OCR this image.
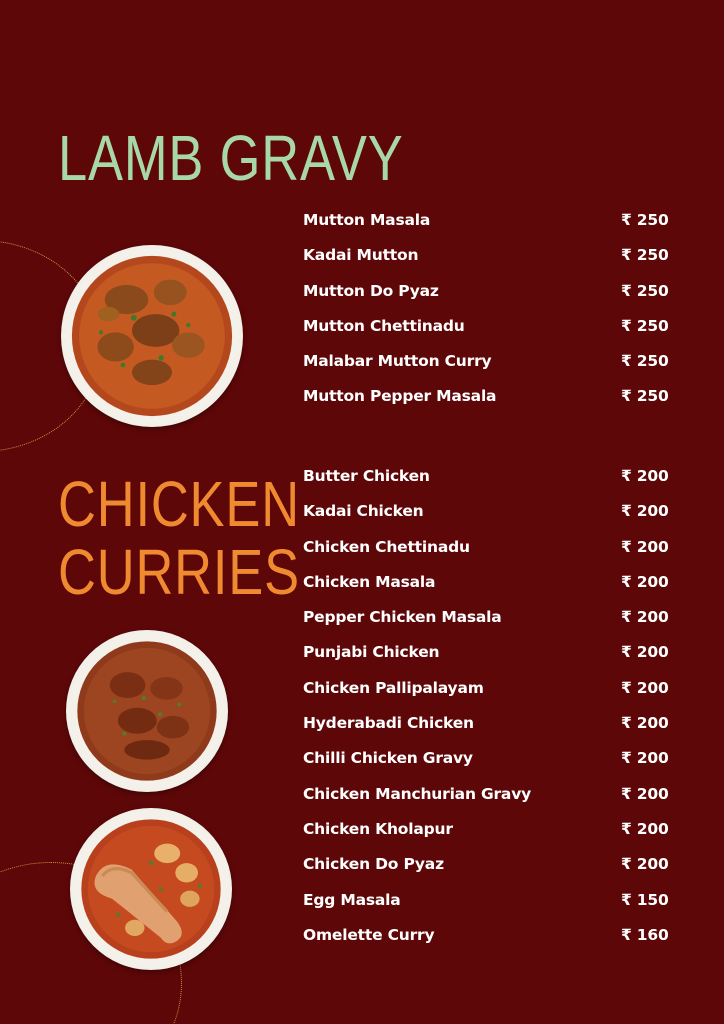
LAMB GRAVY
Mutton Masala	₹ 250
Kadai Mutton	₹ 250
Mutton Do Pyaz	₹ 250
Mutton Chettinadu	₹ 250
Malabar Mutton Curry	₹ 250
Mutton Pepper Masala	₹ 250
CHICKEN
CURRIES
Butter Chicken	₹ 200
Kadai Chicken	₹ 200
Chicken Chettinadu	₹ 200
Chicken Masala	₹ 200
Pepper Chicken Masala	₹ 200
Punjabi Chicken	₹ 200
Chicken Pallipalayam	₹ 200
Hyderabadi Chicken	₹ 200
Chilli Chicken Gravy	₹ 200
Chicken Manchurian Gravy	₹ 200
Chicken Kholapur	₹ 200
Chicken Do Pyaz	₹ 200
Egg Masala	₹ 150
Omelette Curry	₹ 160
